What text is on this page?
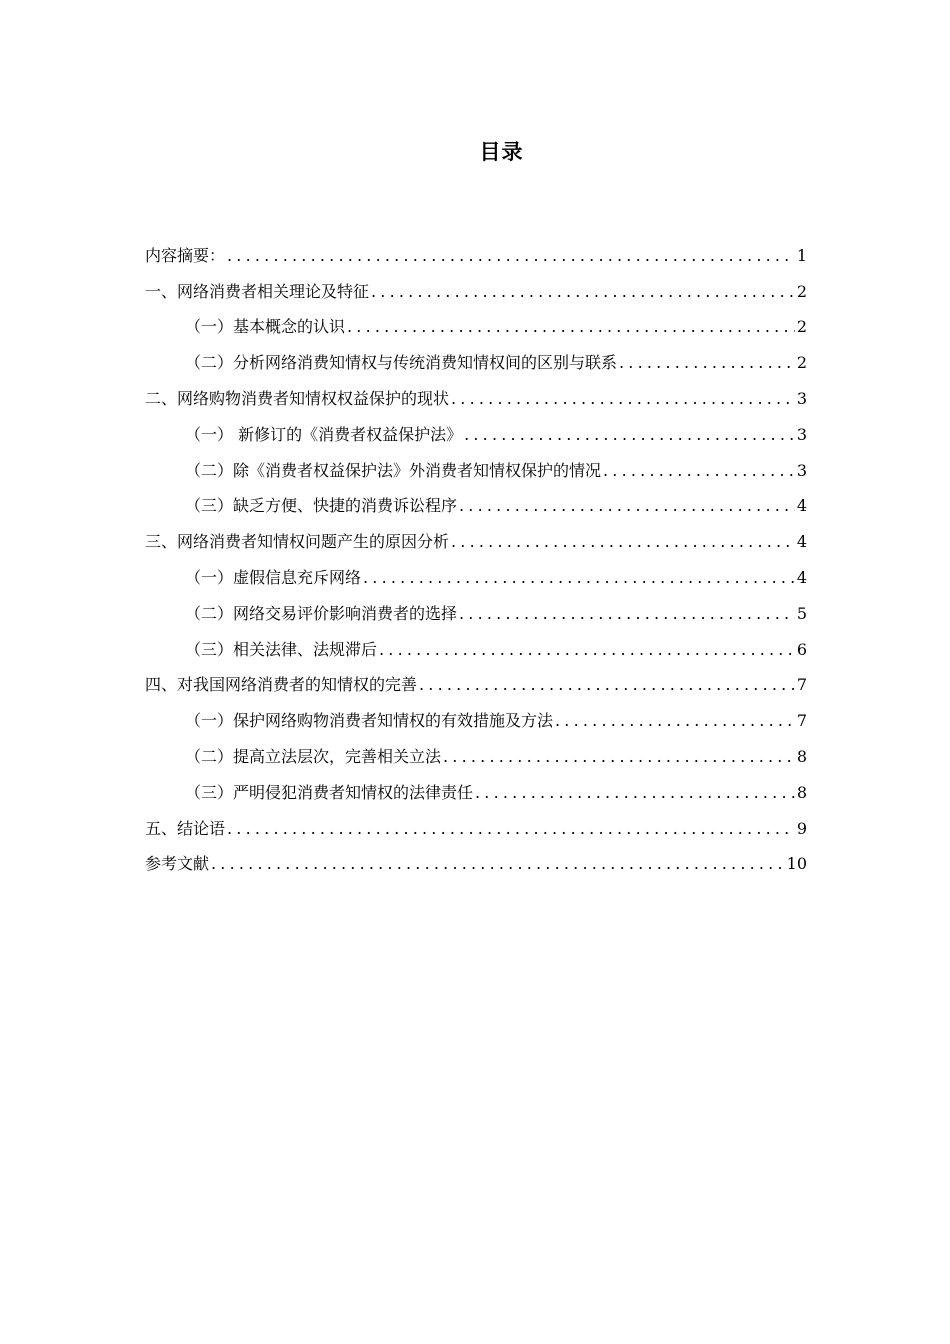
目录
内容摘要： .....	1
一、网络消费者相关理论及特征 .....	2
（一）基本概念的认识 .....	2
（二）分析网络消费知情权与传统消费知情权间的区别与联系 .....	2
二、网络购物消费者知情权权益保护的现状 .....	3
（一） 新修订的《消费者权益保护法》 .....	3
（二）除《消费者权益保护法》外消费者知情权保护的情况 .....	3
（三）缺乏方便、快捷的消费诉讼程序 .....	4
三、网络消费者知情权问题产生的原因分析 .....	4
（一）虚假信息充斥网络 .....	4
（二）网络交易评价影响消费者的选择 .....	5
（三）相关法律、法规滞后 .....	6
四、对我国网络消费者的知情权的完善 .....	7
（一）保护网络购物消费者知情权的有效措施及方法 .....	7
（二）提高立法层次，完善相关立法 .....	8
（三）严明侵犯消费者知情权的法律责任 .....	8
五、结论语 .....	9
参考文献 .....	10
